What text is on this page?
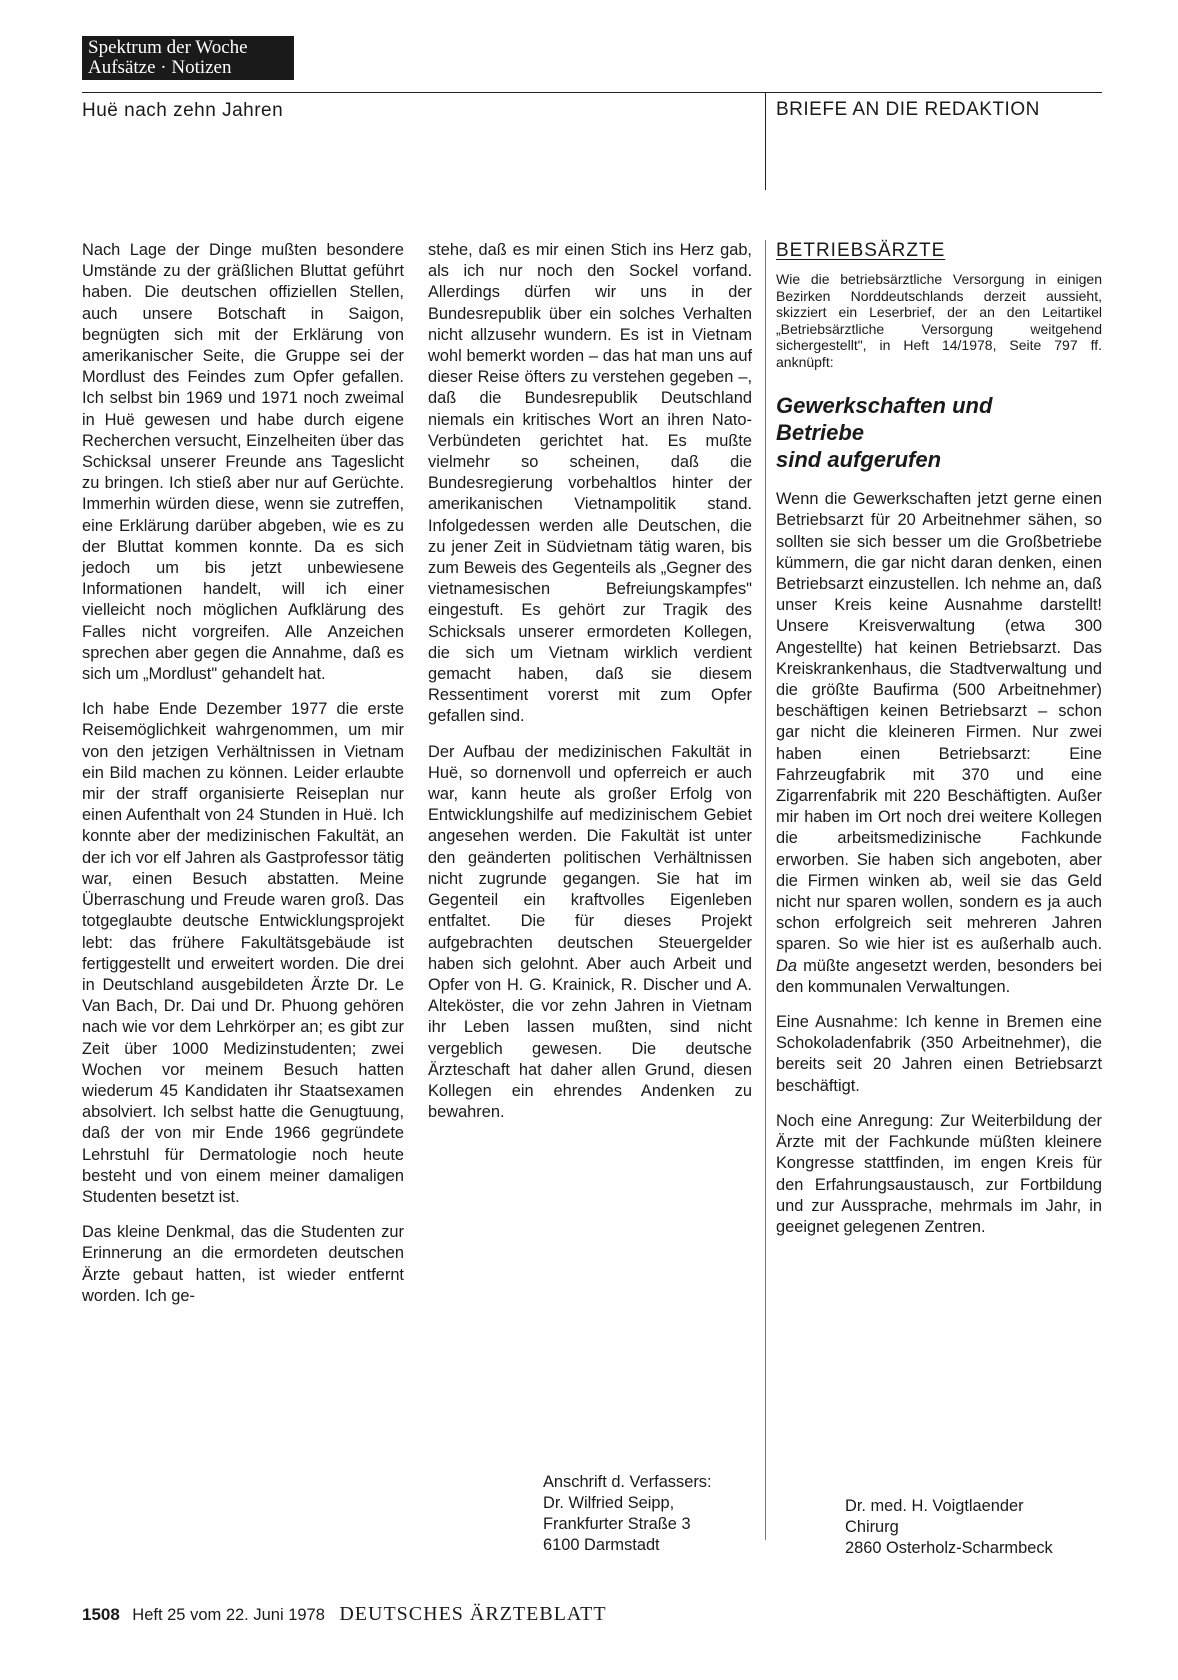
Spektrum der Woche
Aufsätze · Notizen
Huë nach zehn Jahren	BRIEFE AN DIE REDAKTION

Nach Lage der Dinge mußten besondere Umstände zu der gräßlichen Bluttat geführt haben. Die deutschen offiziellen Stellen, auch unsere Botschaft in Saigon, begnügten sich mit der Erklärung von amerikanischer Seite, die Gruppe sei der Mordlust des Feindes zum Opfer gefallen. Ich selbst bin 1969 und 1971 noch zweimal in Huë gewesen und habe durch eigene Recherchen versucht, Einzelheiten über das Schicksal unserer Freunde ans Tageslicht zu bringen. Ich stieß aber nur auf Gerüchte. Immerhin würden diese, wenn sie zutreffen, eine Erklärung darüber abgeben, wie es zu der Bluttat kommen konnte. Da es sich jedoch um bis jetzt unbewiesene Informationen handelt, will ich einer vielleicht noch möglichen Aufklärung des Falles nicht vorgreifen. Alle Anzeichen sprechen aber gegen die Annahme, daß es sich um „Mordlust" gehandelt hat.

Ich habe Ende Dezember 1977 die erste Reisemöglichkeit wahrgenommen, um mir von den jetzigen Verhältnissen in Vietnam ein Bild machen zu können. Leider erlaubte mir der straff organisierte Reiseplan nur einen Aufenthalt von 24 Stunden in Huë. Ich konnte aber der medizinischen Fakultät, an der ich vor elf Jahren als Gastprofessor tätig war, einen Besuch abstatten. Meine Überraschung und Freude waren groß. Das totgeglaubte deutsche Entwicklungsprojekt lebt: das frühere Fakultätsgebäude ist fertiggestellt und erweitert worden. Die drei in Deutschland ausgebildeten Ärzte Dr. Le Van Bach, Dr. Dai und Dr. Phuong gehören nach wie vor dem Lehrkörper an; es gibt zur Zeit über 1000 Medizinstudenten; zwei Wochen vor meinem Besuch hatten wiederum 45 Kandidaten ihr Staatsexamen absolviert. Ich selbst hatte die Genugtuung, daß der von mir Ende 1966 gegründete Lehrstuhl für Dermatologie noch heute besteht und von einem meiner damaligen Studenten besetzt ist.

Das kleine Denkmal, das die Studenten zur Erinnerung an die ermordeten deutschen Ärzte gebaut hatten, ist wieder entfernt worden. Ich ge-

stehe, daß es mir einen Stich ins Herz gab, als ich nur noch den Sockel vorfand. Allerdings dürfen wir uns in der Bundesrepublik über ein solches Verhalten nicht allzusehr wundern. Es ist in Vietnam wohl bemerkt worden – das hat man uns auf dieser Reise öfters zu verstehen gegeben –, daß die Bundesrepublik Deutschland niemals ein kritisches Wort an ihren Nato-Verbündeten gerichtet hat. Es mußte vielmehr so scheinen, daß die Bundesregierung vorbehaltlos hinter der amerikanischen Vietnampolitik stand. Infolgedessen werden alle Deutschen, die zu jener Zeit in Südvietnam tätig waren, bis zum Beweis des Gegenteils als „Gegner des vietnamesischen Befreiungskampfes" eingestuft. Es gehört zur Tragik des Schicksals unserer ermordeten Kollegen, die sich um Vietnam wirklich verdient gemacht haben, daß sie diesem Ressentiment vorerst mit zum Opfer gefallen sind.

Der Aufbau der medizinischen Fakultät in Huë, so dornenvoll und opferreich er auch war, kann heute als großer Erfolg von Entwicklungshilfe auf medizinischem Gebiet angesehen werden. Die Fakultät ist unter den geänderten politischen Verhältnissen nicht zugrunde gegangen. Sie hat im Gegenteil ein kraftvolles Eigenleben entfaltet. Die für dieses Projekt aufgebrachten deutschen Steuergelder haben sich gelohnt. Aber auch Arbeit und Opfer von H. G. Krainick, R. Discher und A. Alteköster, die vor zehn Jahren in Vietnam ihr Leben lassen mußten, sind nicht vergeblich gewesen. Die deutsche Ärzteschaft hat daher allen Grund, diesen Kollegen ein ehrendes Andenken zu bewahren.

Anschrift d. Verfassers:
Dr. Wilfried Seipp,
Frankfurter Straße 3
6100 Darmstadt
BETRIEBSÄRZTE
Wie die betriebsärztliche Versorgung in einigen Bezirken Norddeutschlands derzeit aussieht, skizziert ein Leserbrief, der an den Leitartikel „Betriebsärztliche Versorgung weitgehend sichergestellt", in Heft 14/1978, Seite 797 ff. anknüpft:
Gewerkschaften und
Betriebe
sind aufgerufen

Wenn die Gewerkschaften jetzt gerne einen Betriebsarzt für 20 Arbeitnehmer sähen, so sollten sie sich besser um die Großbetriebe kümmern, die gar nicht daran denken, einen Betriebsarzt einzustellen. Ich nehme an, daß unser Kreis keine Ausnahme darstellt! Unsere Kreisverwaltung (etwa 300 Angestellte) hat keinen Betriebsarzt. Das Kreiskrankenhaus, die Stadtverwaltung und die größte Baufirma (500 Arbeitnehmer) beschäftigen keinen Betriebsarzt – schon gar nicht die kleineren Firmen. Nur zwei haben einen Betriebsarzt: Eine Fahrzeugfabrik mit 370 und eine Zigarrenfabrik mit 220 Beschäftigten. Außer mir haben im Ort noch drei weitere Kollegen die arbeitsmedizinische Fachkunde erworben. Sie haben sich angeboten, aber die Firmen winken ab, weil sie das Geld nicht nur sparen wollen, sondern es ja auch schon erfolgreich seit mehreren Jahren sparen. So wie hier ist es außerhalb auch. Da müßte angesetzt werden, besonders bei den kommunalen Verwaltungen.

Eine Ausnahme: Ich kenne in Bremen eine Schokoladenfabrik (350 Arbeitnehmer), die bereits seit 20 Jahren einen Betriebsarzt beschäftigt.

Noch eine Anregung: Zur Weiterbildung der Ärzte mit der Fachkunde müßten kleinere Kongresse stattfinden, im engen Kreis für den Erfahrungsaustausch, zur Fortbildung und zur Aussprache, mehrmals im Jahr, in geeignet gelegenen Zentren.

Dr. med. H. Voigtlaender
Chirurg
2860 Osterholz-Scharmbeck
1508 Heft 25 vom 22. Juni 1978 DEUTSCHES ÄRZTEBLATT
